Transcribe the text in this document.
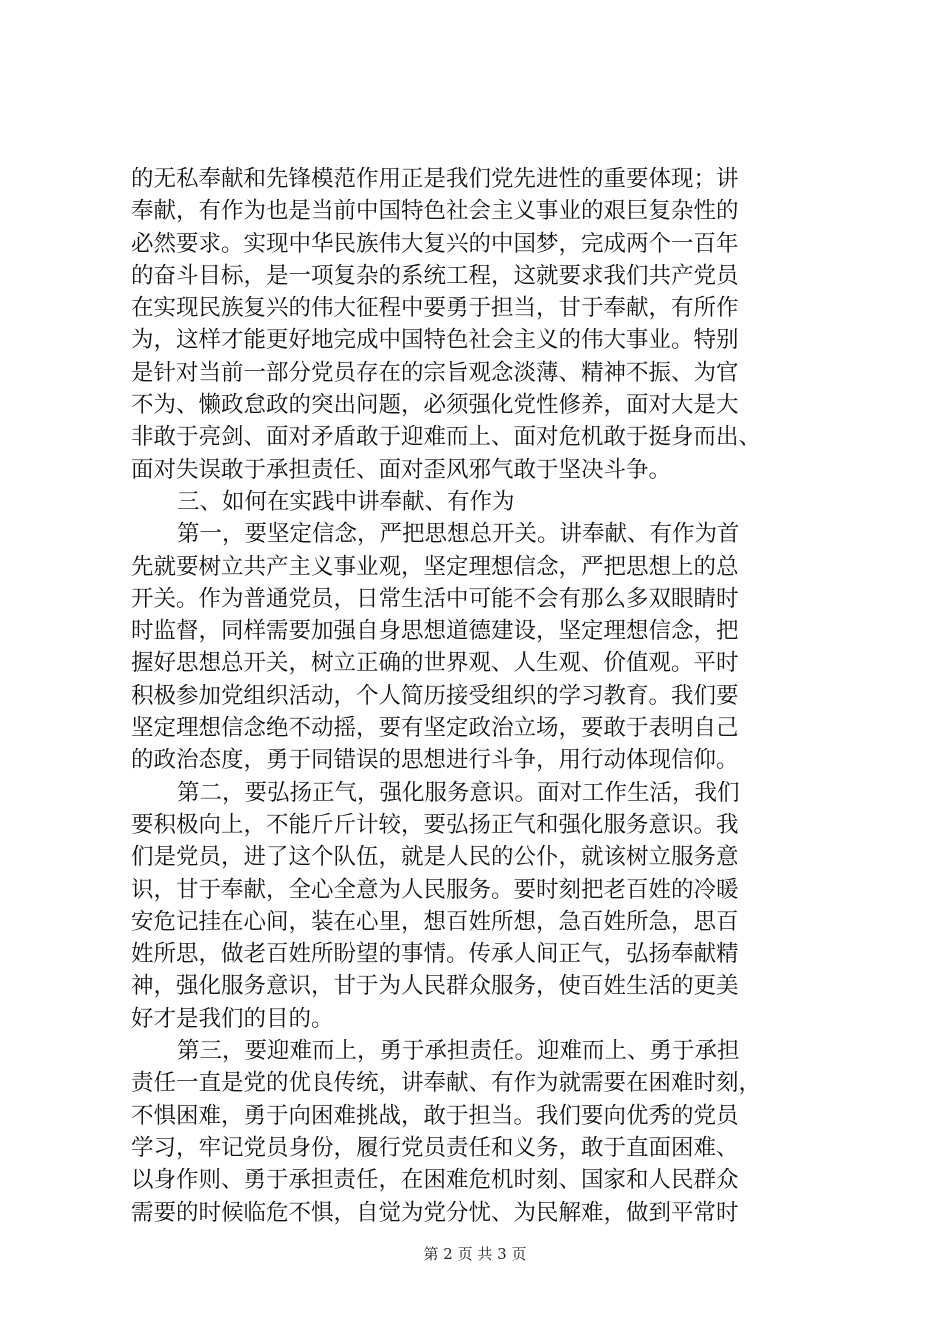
的无私奉献和先锋模范作用正是我们党先进性的重要体现；讲
奉献，有作为也是当前中国特色社会主义事业的艰巨复杂性的
必然要求。实现中华民族伟大复兴的中国梦，完成两个一百年
的奋斗目标，是一项复杂的系统工程，这就要求我们共产党员
在实现民族复兴的伟大征程中要勇于担当，甘于奉献，有所作
为，这样才能更好地完成中国特色社会主义的伟大事业。特别
是针对当前一部分党员存在的宗旨观念淡薄、精神不振、为官
不为、懒政怠政的突出问题，必须强化党性修养，面对大是大
非敢于亮剑、面对矛盾敢于迎难而上、面对危机敢于挺身而出、
面对失误敢于承担责任、面对歪风邪气敢于坚决斗争。
三、如何在实践中讲奉献、有作为
第一，要坚定信念，严把思想总开关。讲奉献、有作为首
先就要树立共产主义事业观，坚定理想信念，严把思想上的总
开关。作为普通党员，日常生活中可能不会有那么多双眼睛时
时监督，同样需要加强自身思想道德建设，坚定理想信念，把
握好思想总开关，树立正确的世界观、人生观、价值观。平时
积极参加党组织活动，个人简历接受组织的学习教育。我们要
坚定理想信念绝不动摇，要有坚定政治立场，要敢于表明自己
的政治态度，勇于同错误的思想进行斗争，用行动体现信仰。
第二，要弘扬正气，强化服务意识。面对工作生活，我们
要积极向上，不能斤斤计较，要弘扬正气和强化服务意识。我
们是党员，进了这个队伍，就是人民的公仆，就该树立服务意
识，甘于奉献，全心全意为人民服务。要时刻把老百姓的冷暖
安危记挂在心间，装在心里，想百姓所想，急百姓所急，思百
姓所思，做老百姓所盼望的事情。传承人间正气，弘扬奉献精
神，强化服务意识，甘于为人民群众服务，使百姓生活的更美
好才是我们的目的。
第三，要迎难而上，勇于承担责任。迎难而上、勇于承担
责任一直是党的优良传统，讲奉献、有作为就需要在困难时刻，
不惧困难，勇于向困难挑战，敢于担当。我们要向优秀的党员
学习，牢记党员身份，履行党员责任和义务，敢于直面困难、
以身作则、勇于承担责任，在困难危机时刻、国家和人民群众
需要的时候临危不惧，自觉为党分忧、为民解难，做到平常时
第 2 页 共 3 页
